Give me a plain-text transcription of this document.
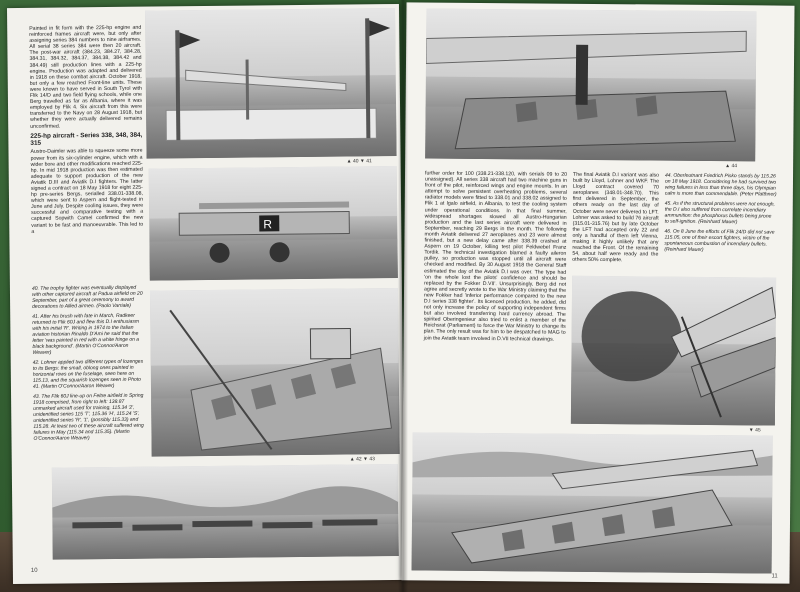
▲ 40 ▼ 41

Painted in fit form with the 225-hp engine and reinforced frames aircraft were, but only after assigning series 384 numbers to nine airframes. All serial 38 series 384 were then 20 aircraft. The post-war aircraft (384.23, 384.27, 384.28, 384.31, 384.32, 384.37, 384.38, 384.42 and 384.49) still production lines with a 225-hp engine. Production was adapted and delivered in 1918 on these combat aircraft. October 1918, but only a few reached Front-line units. These were known to have served in South Tyrol with Flik 14/D and two field flying schools, while one Berg travelled as far as Albania, where it was employed by Flik 4. Six aircraft from this were transferred to the Navy on 28 August 1918, but whether they were actually delivered remains unconfirmed.

225-hp aircraft - Series 338, 348, 384, 315

Austro-Daimler was able to squeeze some more power from its six-cylinder engine, which with a wider bore and other modifications reached 225-hp. In mid 1918 production was then estimated adequate to support production of the new Aviatik D.III and Aviatik D.I fighters. The latter signed a contract on 18 May 1918 for eight 225-hp pre-series Bergs, serialled 338.01-338.08, which were sent to Aspern and flight-tested in June and July. Despite cooling issues, they were successful and comparative testing with a captured Sopwith Camel confirmed the new variant to be fast and manoeuvrable. This led to a

R

40. The trophy fighter was eventually displayed with other captured aircraft at Padua airfield on 20 September, part of a great ceremony to award decorations to Allied airmen. (Paolo Varriale)

41. After his brush with fate in March, Radkeer returned to Flik 60J and flew this D.I enthusiasm with his initial 'R'. Writing in 1974 to the Italian aviation historian Rinaldo D'Ami he said that the letter 'was painted in red with a white fringe on a black background'. (Martin O'Connor/Aaron Weaver)

42. Lohner applied two different types of lozenges to its Bergs: the small, oblong ones painted in horizontal rows on the fuselage, seen here on 115.13, and the squarish lozenges seen in Photo 41. (Martin O'Connor/Aaron Weaver)

43. The Flik 60J line-up on Feltre airfield in Spring 1918 comprised, from right to left: 138.87 unmarked aircraft used for training, 115.34 '2', unidentified series 115 'T', 115.36 'H', 115.24 'S', unidentified series 'R', '1', (possibly 115.33) and 115.28. At least two of these aircraft suffered wing failures in May (115.34 and 115.35). (Martin O'Connor/Aaron Weaver)

▲ 42 ▼ 43
10
▲ 44

further order for 100 (338.21-338.120, with serials 09 to 20 unassigned). All series 338 aircraft had two machine guns in front of the pilot, reinforced wings and engine mounts. In an attempt to solve persistent overheating problems, several radiator models were fitted to 338.01 and 338.02 assigned to Flik 1 at Igalo airfield, in Albania, to test the cooling system under operational conditions. In that final summer, widespread shortages slowed all Austro-Hungarian production and the last series aircraft were delivered in September, reaching 29 Bergs in the month. The following month Aviatik delivered 27 aeroplanes and 23 were almost finished, but a new delay came after 338.39 crashed at Aspern on 19 October, killing test pilot Feldwebel Franz Tordik. The technical investigation blamed a faulty aileron pulley, so production was stopped until all aircraft were checked and modified. By 30 August 1918 the General Staff estimated the day of the Aviatik D.I was over. The type had 'on the whole lost the pilots' confidence and should be replaced by the Fokker D.VII'. Unsurprisingly, Berg did not agree and secretly wrote to the War Ministry claiming that the new Fokker had 'inferior performance compared to the new D.I series 338 fighter'. Its licenced production, he added, did not only increase the policy of supporting independent firms but also involved transferring hard currency abroad. The spirited Oberingenieur also tried to enlist a member of the Reichsrat (Parliament) to force the War Ministry to change its plan. The only result was for him to be despatched to MAG to join the Aviatik team involved in D.VII technical drawings.

The final Aviatik D.I variant was also built by Lloyd, Lohner and WKF. The Lloyd contract covered 70 aeroplanes (348.01-348.70). This first delivered in September, the others ready on the last day of October were never delivered to LFT. Lohner was asked to build 76 aircraft (315.01-315.76) but by late October the LFT had accepted only 22 and only a handful of them left Vienna, making it highly unlikely that any reached the Front. Of the remaining 54, about half were ready and the others 50% complete.

44. Oberleutnant Friedrich Pisko stands by 115.26 on 18 May 1918. Considering he had survived two wing failures in less than three days, his Olympian calm is more than commendable. (Peter Platthner)

45. As if the structural problems were not enough, the D.I also suffered from correlate incendiary ammunition: the phosphorus bullets being prone to self-ignition. (Reinhard Mauer)

46. On 8 June the efforts of Flik 24/D did not save 115.05, one of their escort fighters, victim of the spontaneous combustion of incendiary bullets. (Reinhard Mauer)

▼ 45
11
